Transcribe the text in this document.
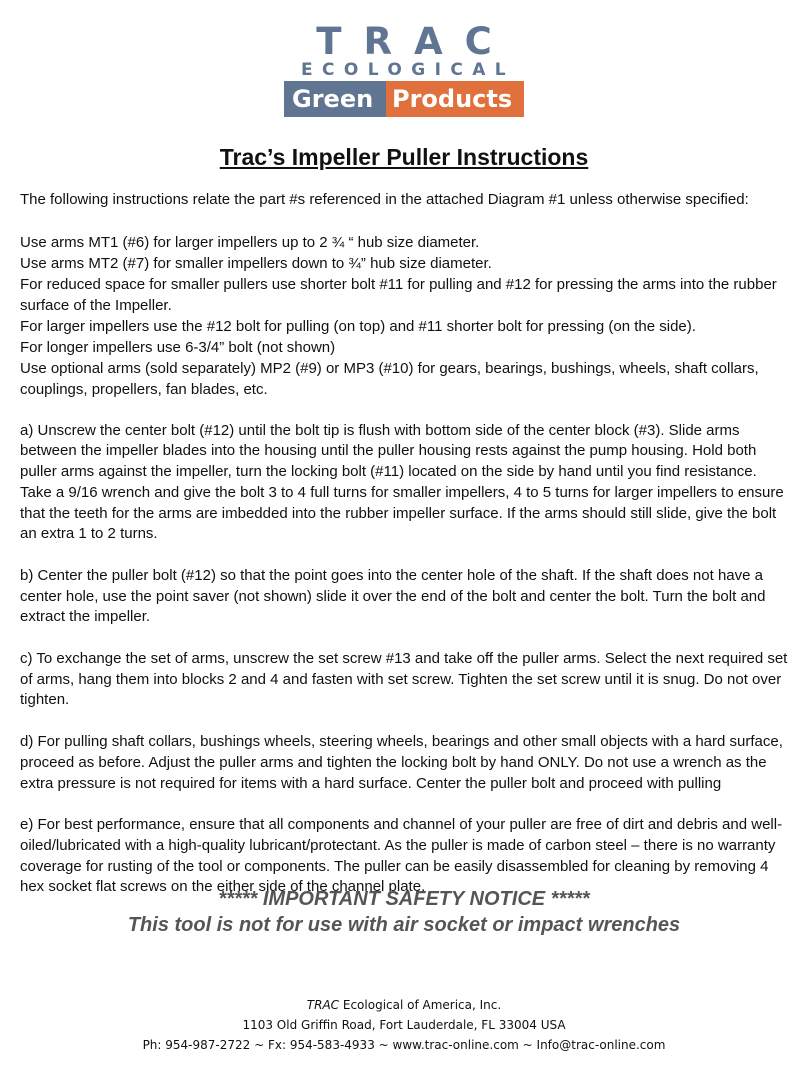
TRAC
ECOLOGICAL
Green Products
Trac’s Impeller Puller Instructions

The following instructions relate the part #s referenced in the attached Diagram #1 unless otherwise specified:

Use arms MT1 (#6) for larger impellers up to 2 ¾ “ hub size diameter.

Use arms MT2 (#7) for smaller impellers down to ¾” hub size diameter.

For reduced space for smaller pullers use shorter bolt #11 for pulling and #12 for pressing the arms into the rubber surface of the Impeller.

For larger impellers use the #12 bolt for pulling (on top) and #11 shorter bolt for pressing (on the side).

For longer impellers use 6-3/4” bolt (not shown)

Use optional arms (sold separately) MP2 (#9) or MP3 (#10) for gears, bearings, bushings, wheels, shaft collars, couplings, propellers, fan blades, etc.

a) Unscrew the center bolt (#12) until the bolt tip is flush with bottom side of the center block (#3). Slide arms between the impeller blades into the housing until the puller housing rests against the pump housing. Hold both puller arms against the impeller, turn the locking bolt (#11) located on the side by hand until you find resistance. Take a 9/16 wrench and give the bolt 3 to 4 full turns for smaller impellers, 4 to 5 turns for larger impellers to ensure that the teeth for the arms are imbedded into the rubber impeller surface. If the arms should still slide, give the bolt an extra 1 to 2 turns.

b) Center the puller bolt (#12) so that the point goes into the center hole of the shaft. If the shaft does not have a center hole, use the point saver (not shown) slide it over the end of the bolt and center the bolt. Turn the bolt and extract the impeller.

c) To exchange the set of arms, unscrew the set screw #13 and take off the puller arms. Select the next required set of arms, hang them into blocks 2 and 4 and fasten with set screw. Tighten the set screw until it is snug. Do not over tighten.

d) For pulling shaft collars, bushings wheels, steering wheels, bearings and other small objects with a hard surface, proceed as before. Adjust the puller arms and tighten the locking bolt by hand ONLY. Do not use a wrench as the extra pressure is not required for items with a hard surface. Center the puller bolt and proceed with pulling

e) For best performance, ensure that all components and channel of your puller are free of dirt and debris and well-oiled/lubricated with a high-quality lubricant/protectant. As the puller is made of carbon steel – there is no warranty coverage for rusting of the tool or components. The puller can be easily disassembled for cleaning by removing 4 hex socket flat screws on the either side of the channel plate.

***** IMPORTANT SAFETY NOTICE *****
This tool is not for use with air socket or impact wrenches
TRAC Ecological of America, Inc.
1103 Old Griffin Road, Fort Lauderdale, FL 33004 USA
Ph: 954-987-2722 ~ Fx: 954-583-4933 ~ www.trac-online.com ~ Info@trac-online.com
